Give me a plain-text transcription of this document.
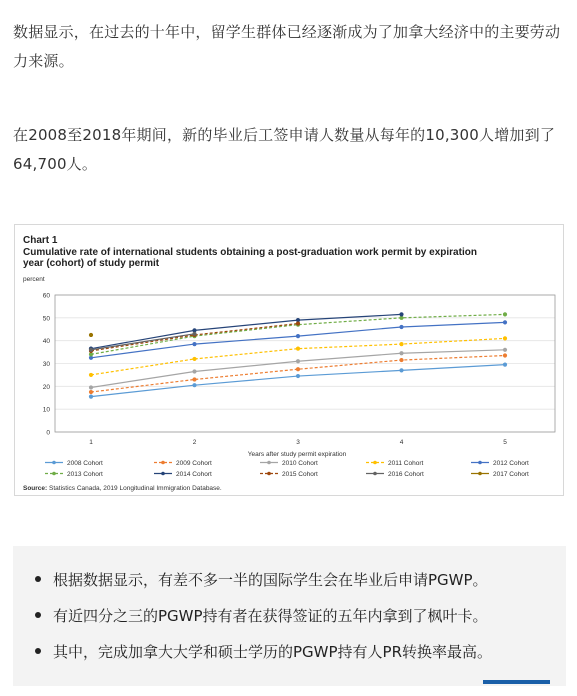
数据显示，在过去的十年中，留学生群体已经逐渐成为了加拿大经济中的主要劳动力来源。

在2008至2018年期间，新的毕业后工签申请人数量从每年的10,300人增加到了64,700人。

Chart 1
Cumulative rate of international students obtaining a post-graduation work permit by expiration
year (cohort) of study permit
percent
0
10
20
30
40
50
60
1	2	3	4	5
Years after study permit expiration
2008 Cohort	2009 Cohort	2010 Cohort	2011 Cohort	2012 Cohort
2013 Cohort	2014 Cohort	2015 Cohort	2016 Cohort	2017 Cohort
Source: Statistics Canada, 2019 Longitudinal Immigration Database.
根据数据显示，有差不多一半的国际学生会在毕业后申请PGWP。
有近四分之三的PGWP持有者在获得签证的五年内拿到了枫叶卡。
其中，完成加拿大大学和硕士学历的PGWP持有人PR转换率最高。
